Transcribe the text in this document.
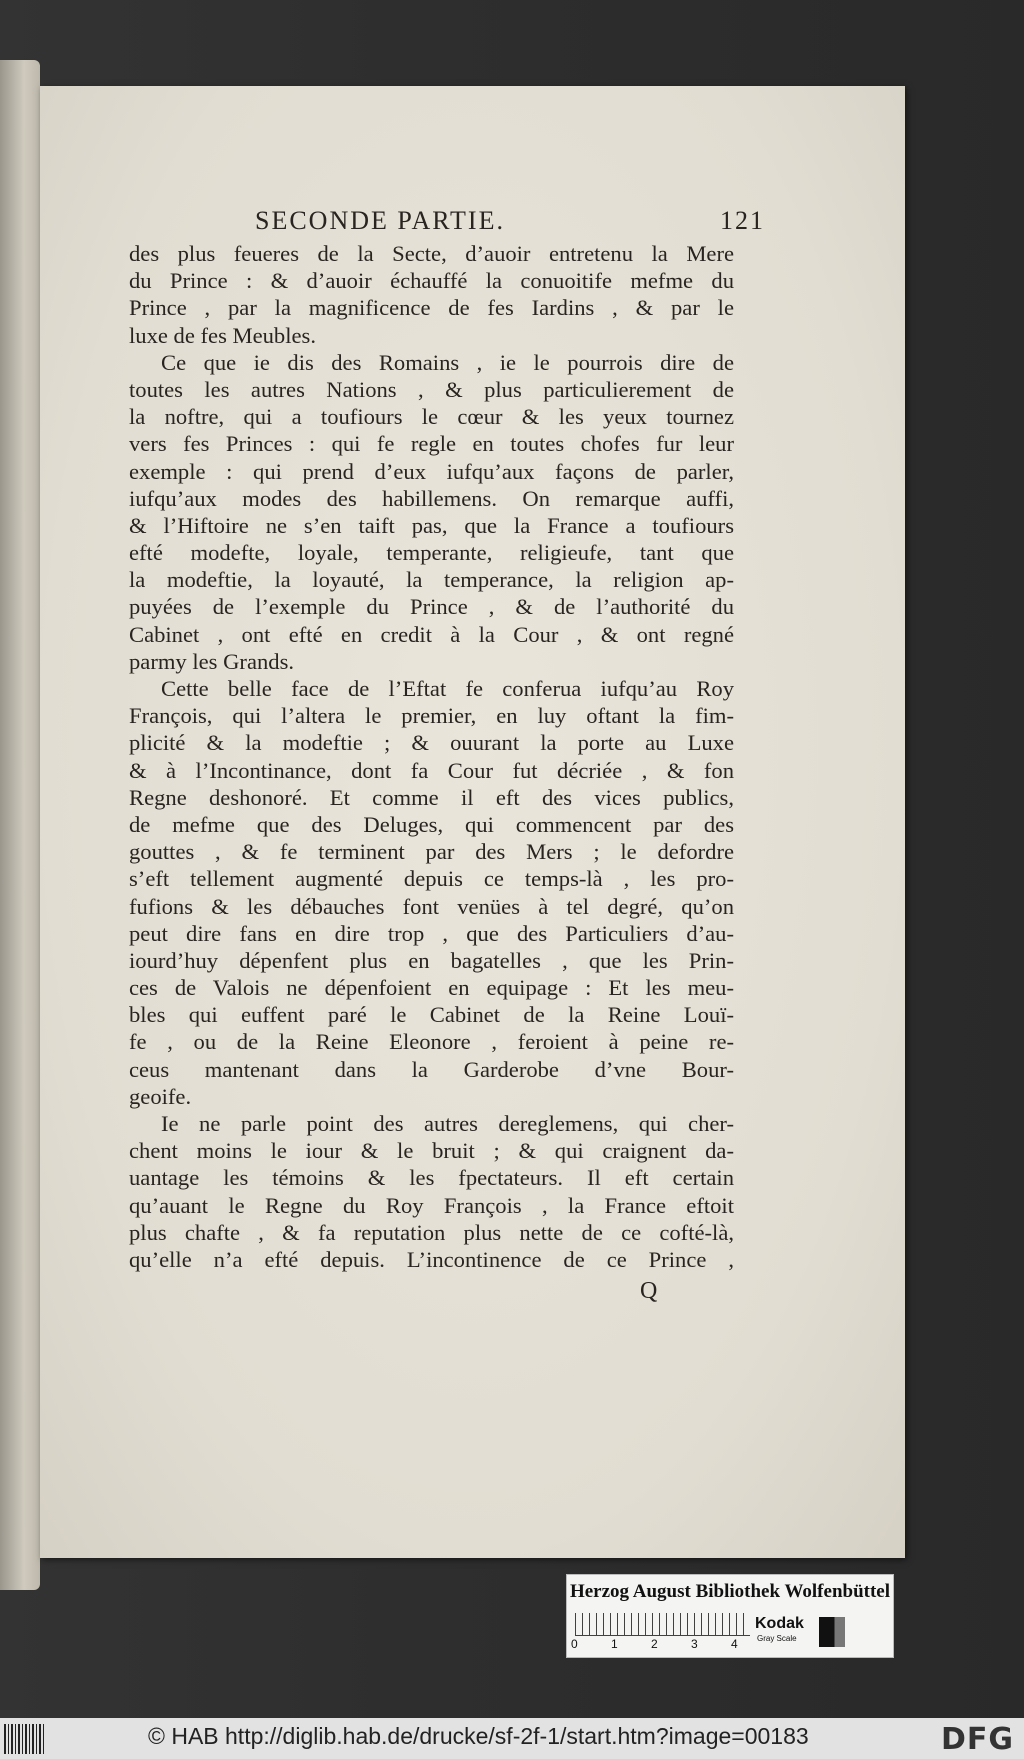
SECONDE PARTIE.	121
des plus feueres de la Secte, d’auoir entretenu la Mere
du Prince : & d’auoir échauffé la conuoitife mefme du
Prince , par la magnificence de fes Iardins , & par le
luxe de fes Meubles.
Ce que ie dis des Romains , ie le pourrois dire de
toutes les autres Nations , & plus particulierement de
la noftre, qui a toufiours le cœur & les yeux tournez
vers fes Princes : qui fe regle en toutes chofes fur leur
exemple : qui prend d’eux iufqu’aux façons de parler,
iufqu’aux modes des habillemens. On remarque auffi,
& l’Hiftoire ne s’en taift pas, que la France a toufiours
efté modefte, loyale, temperante, religieufe, tant que
la modeftie, la loyauté, la temperance, la religion ap-
puyées de l’exemple du Prince , & de l’authorité du
Cabinet , ont efté en credit à la Cour , & ont regné
parmy les Grands.
Cette belle face de l’Eftat fe conferua iufqu’au Roy
François, qui l’altera le premier, en luy oftant la fim-
plicité & la modeftie ; & ouurant la porte au Luxe
& à l’Incontinance, dont fa Cour fut décriée , & fon
Regne deshonoré. Et comme il eft des vices publics,
de mefme que des Deluges, qui commencent par des
gouttes , & fe terminent par des Mers ; le defordre
s’eft tellement augmenté depuis ce temps-là , les pro-
fufions & les débauches font venües à tel degré, qu’on
peut dire fans en dire trop , que des Particuliers d’au-
iourd’huy dépenfent plus en bagatelles , que les Prin-
ces de Valois ne dépenfoient en equipage : Et les meu-
bles qui euffent paré le Cabinet de la Reine Louï-
fe , ou de la Reine Eleonore , feroient à peine re-
ceus mantenant dans la Garderobe d’vne Bour-
geoife.
Ie ne parle point des autres dereglemens, qui cher-
chent moins le iour & le bruit ; & qui craignent da-
uantage les témoins & les fpectateurs. Il eft certain
qu’auant le Regne du Roy François , la France eftoit
plus chafte , & fa reputation plus nette de ce cofté-là,
qu’elle n’a efté depuis. L’incontinence de ce Prince ,
Q
Herzog August Bibliothek Wolfenbüttel
0	1	2	3	4
Kodak
Gray Scale
© HAB http://diglib.hab.de/drucke/sf-2f-1/start.htm?image=00183	DFG
